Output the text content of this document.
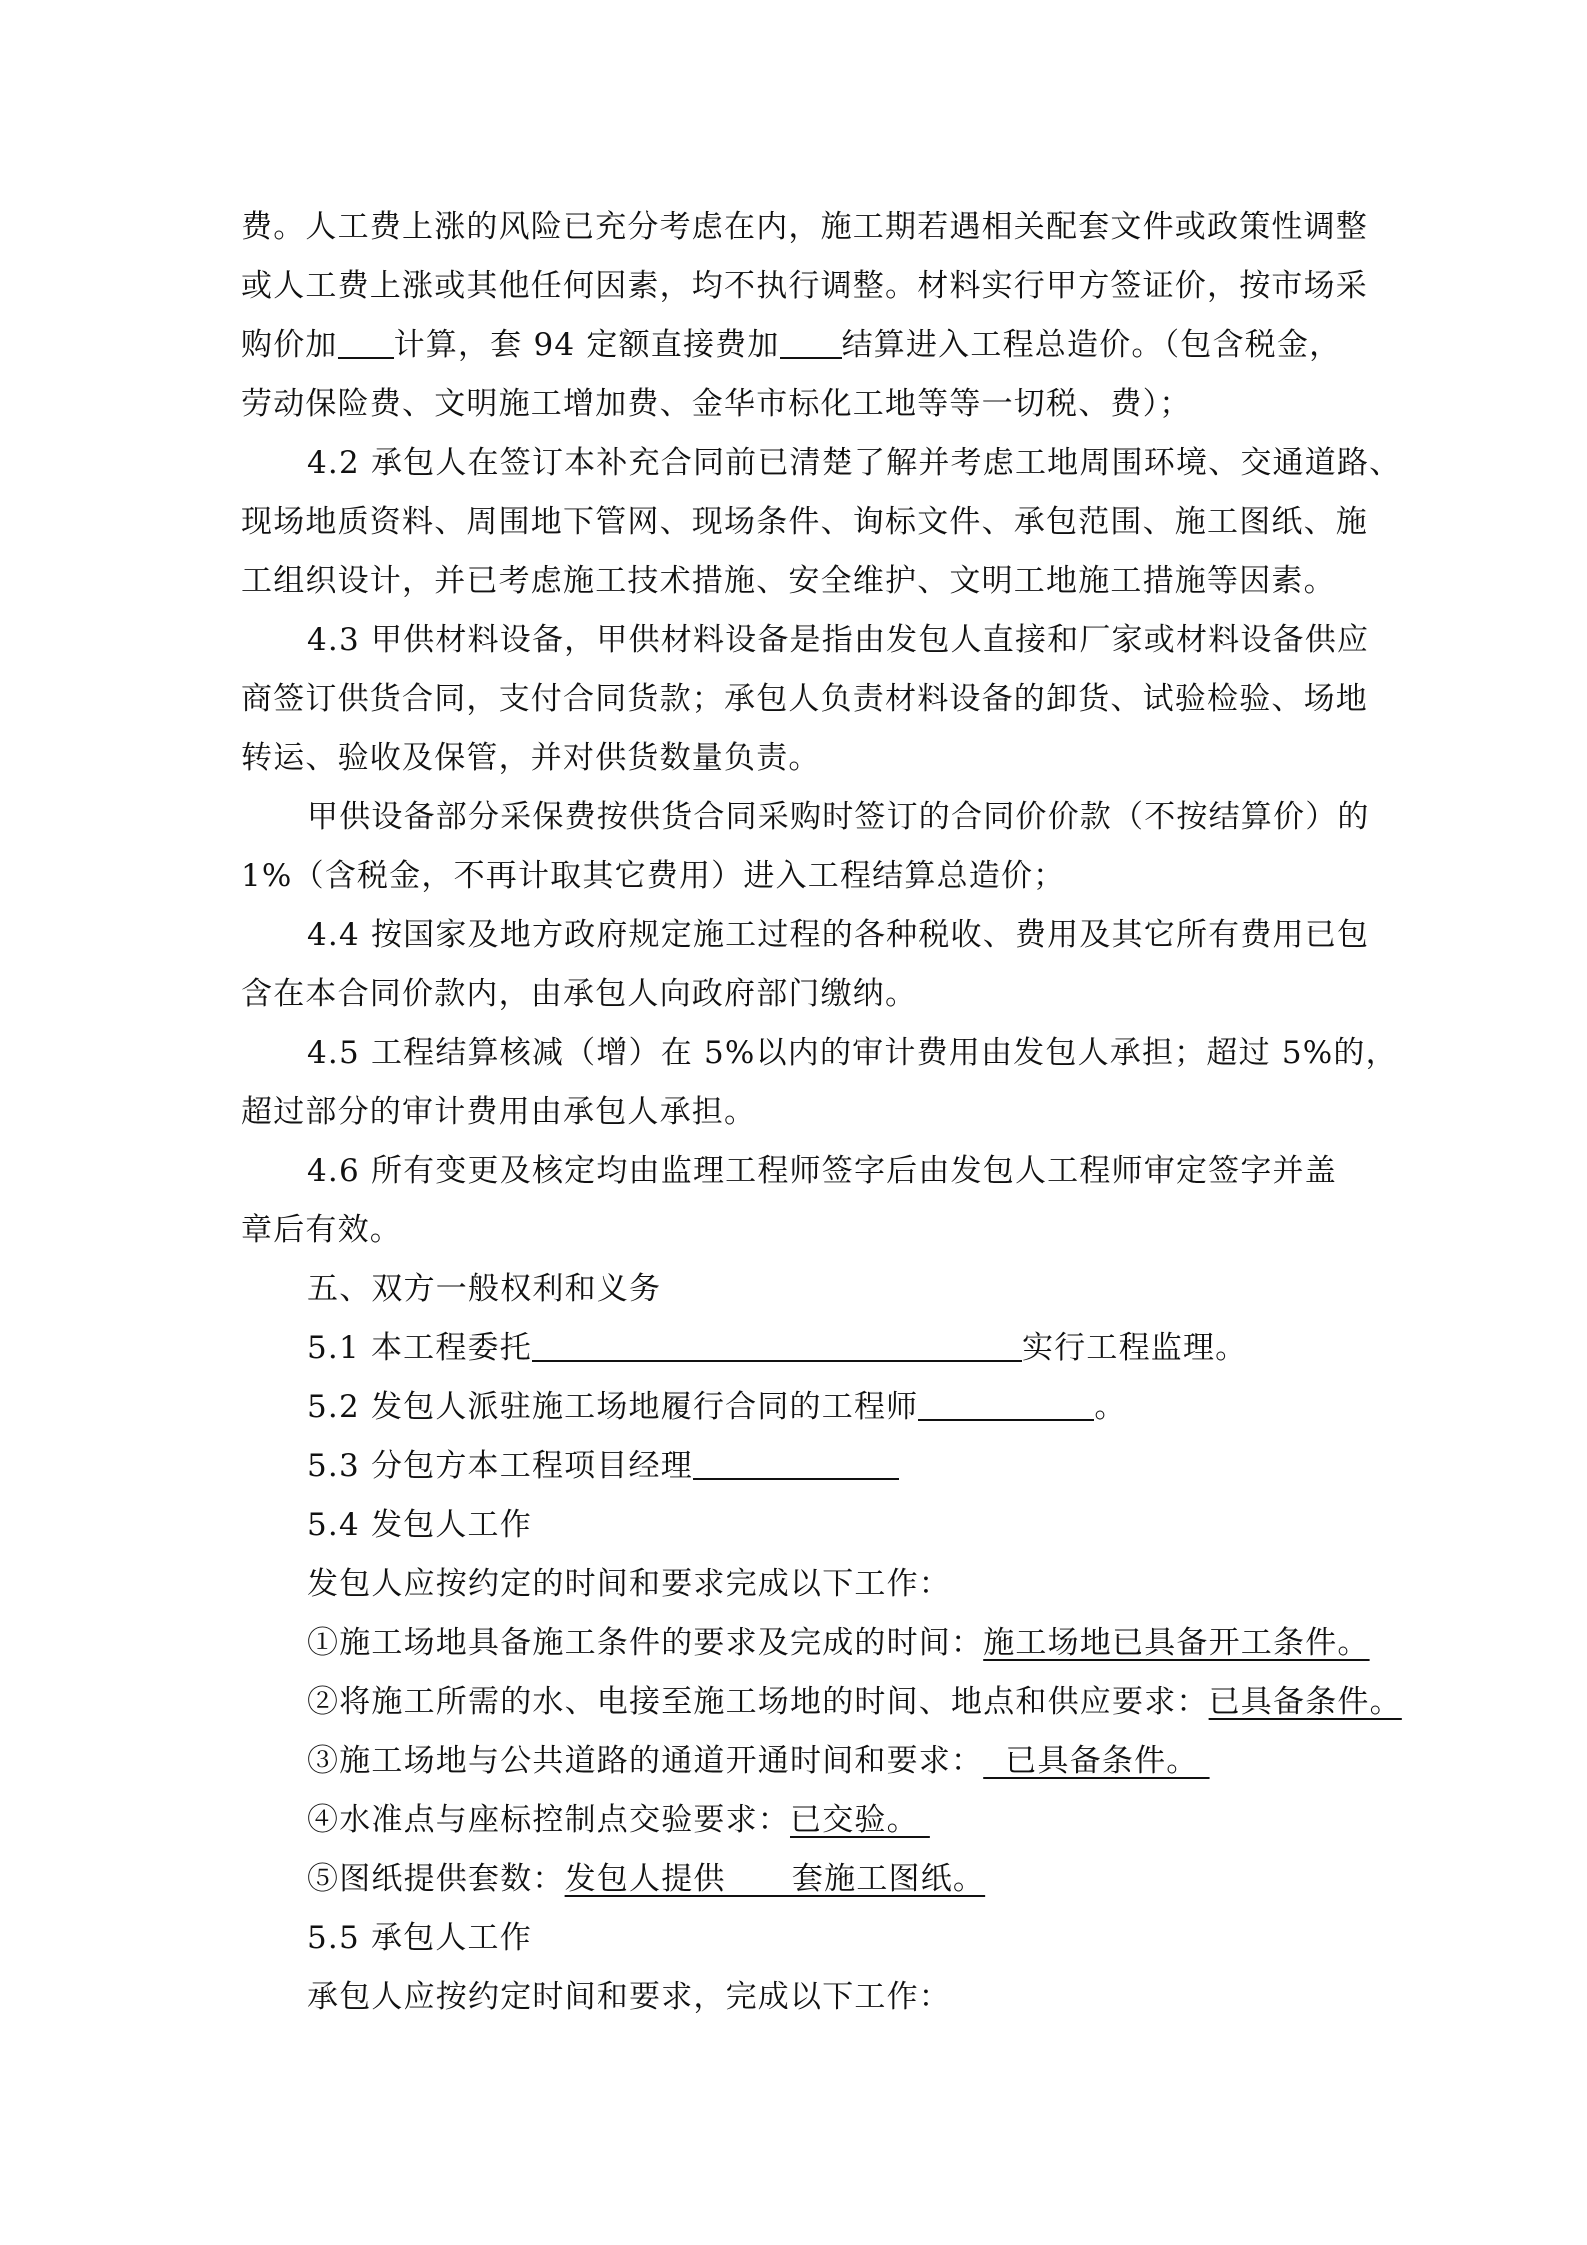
费。人工费上涨的风险已充分考虑在内，施工期若遇相关配套文件或政策性调整
或人工费上涨或其他任何因素，均不执行调整。材料实行甲方签证价，按市场采
购价加 计算，套 94 定额直接费加 结算进入工程总造价。（包含税金，
劳动保险费、文明施工增加费、金华市标化工地等等一切税、费）；
4.2 承包人在签订本补充合同前已清楚了解并考虑工地周围环境、交通道路、
现场地质资料、周围地下管网、现场条件、询标文件、承包范围、施工图纸、施
工组织设计，并已考虑施工技术措施、安全维护、文明工地施工措施等因素。
4.3 甲供材料设备，甲供材料设备是指由发包人直接和厂家或材料设备供应
商签订供货合同，支付合同货款；承包人负责材料设备的卸货、试验检验、场地
转运、验收及保管，并对供货数量负责。
甲供设备部分采保费按供货合同采购时签订的合同价价款（不按结算价）的
1%（含税金，不再计取其它费用）进入工程结算总造价；
4.4 按国家及地方政府规定施工过程的各种税收、费用及其它所有费用已包
含在本合同价款内，由承包人向政府部门缴纳。
4.5 工程结算核减（增）在 5%以内的审计费用由发包人承担；超过 5%的，
超过部分的审计费用由承包人承担。
4.6 所有变更及核定均由监理工程师签字后由发包人工程师审定签字并盖
章后有效。
五、双方一般权利和义务
5.1 本工程委托	实行工程监理。
5.2 发包人派驻施工场地履行合同的工程师	。
5.3 分包方本工程项目经理
5.4 发包人工作
发包人应按约定的时间和要求完成以下工作：
①施工场地具备施工条件的要求及完成的时间：施工场地已具备开工条件。
②将施工所需的水、电接至施工场地的时间、地点和供应要求：已具备条件。
③施工场地与公共道路的通道开通时间和要求：  已具备条件。
④水准点与座标控制点交验要求：已交验。
⑤图纸提供套数：发包人提供      套施工图纸。
5.5 承包人工作
承包人应按约定时间和要求，完成以下工作：
